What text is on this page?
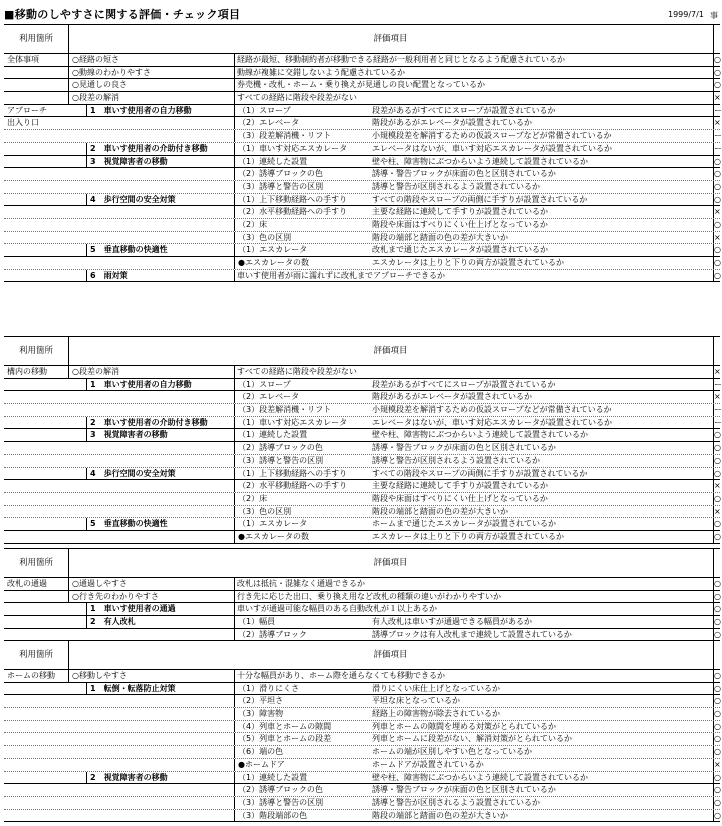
■移動のしやすさに関する評価・チェック項目	1999/7/1 事
利用箇所	評価項目
全体事項	○経路の短さ	経路が最短、移動制約者が移動できる経路が一般利用者と同じとなるよう配慮されているか	○
○動線のわかりやすさ	動線が複雑に交錯しないよう配慮されているか	○
○見通しの良さ	券売機・改札・ホーム・乗り換えが見通しの良い配置となっているか	○
○段差の解消	すべての経路に階段や段差がない	×
アプローチ	1　車いす使用者の自力移動	（1）スロープ	段差があるがすべてにスロープが設置されているか	ー
出入り口	（2）エレベータ	階段があるがエレベータが設置されているか	×
（3）段差解消機・リフト	小規模段差を解消するための仮設スロープなどが常備されているか	ー
2　車いす使用者の介助付き移動	（1）車いす対応エスカレータ	エレベータはないが、車いす対応エスカレータが設置されているか	ー
3　視覚障害者の移動	（1）連続した設置	壁や柱、障害物にぶつからいよう連続して設置されているか	○
（2）誘導ブロックの色	誘導・警告ブロックが床面の色と区別されているか	○
（3）誘導と警告の区別	誘導と警告が区別されるよう設置されているか	○
4　歩行空間の安全対策	（1）上下移動経路への手すり	すべての階段やスロープの両側に手すりが設置されているか	○
（2）水平移動経路への手すり	主要な経路に連続して手すりが設置されているか	×
（2）床	階段や床面はすべりにくい仕上げとなっているか	○
（3）色の区別	階段の端部と踏面の色の差が大きいか	×
5　垂直移動の快適性	（1）エスカレータ	改札まで通じたエスカレータが設置されているか	○
●エスカレータの数	エスカレータは上りと下りの両方が設置されているか	○
6　雨対策	車いす使用者が雨に濡れずに改札までアプローチできるか	○
利用箇所	評価項目
構内の移動	○段差の解消	すべての経路に階段や段差がない	×
1　車いす使用者の自力移動	（1）スロープ	段差があるがすべてにスロープが設置されているか	ー
（2）エレベータ	階段があるがエレベータが設置されているか	×
（3）段差解消機・リフト	小規模段差を解消するための仮設スロープなどが常備されているか	ー
2　車いす使用者の介助付き移動	（1）車いす対応エスカレータ	エレベータはないが、車いす対応エスカレータが設置されているか	ー
3　視覚障害者の移動	（1）連続した設置	壁や柱、障害物にぶつからいよう連続して設置されているか	○
（2）誘導ブロックの色	誘導・警告ブロックが床面の色と区別されているか	○
（3）誘導と警告の区別	誘導と警告が区別されるよう設置されているか	○
4　歩行空間の安全対策	（1）上下移動経路への手すり	すべての階段やスロープの両側に手すりが設置されているか	○
（2）水平移動経路への手すり	主要な経路に連続して手すりが設置されているか	×
（2）床	階段や床面はすべりにくい仕上げとなっているか	○
（3）色の区別	階段の端部と踏面の色の差が大きいか	×
5　垂直移動の快適性	（1）エスカレータ	ホームまで通じたエスカレータが設置されているか	○
●エスカレータの数	エスカレータは上りと下りの両方が設置されているか	○
利用箇所	評価項目
改札の通過	○通過しやすさ	改札は抵抗・混雑なく通過できるか	○
○行き先のわかりやすさ	行き先に応じた出口、乗り換え用など改札の種類の違いがわかりやすいか	○
1　車いす使用者の通過	車いすが通過可能な幅員のある自動改札が１以上あるか	○
2　有人改札	（1）幅員	有人改札は車いすが通過できる幅員があるか	○
（2）誘導ブロック	誘導ブロックは有人改札まで連続して設置されているか	○
利用箇所	評価項目
ホームの移動	○移動しやすさ	十分な幅員があり、ホーム際を通らなくても移動できるか	○
1　転倒・転落防止対策	（1）滑りにくさ	滑りにくい床仕上げとなっているか	○
（2）平坦さ	平坦な床となっているか	○
（3）障害物	経路上の障害物が除去されているか	○
（4）列車とホームの隙間	列車とホームの隙間を埋める対策がとられているか	○
（5）列車とホームの段差	列車とホームに段差がない、解消対策がとられているか	○
（6）端の色	ホームの端が区別しやすい色となっているか	○
●ホームドア	ホームドアが設置されているか	×
2　視覚障害者の移動	（1）連続した設置	壁や柱、障害物にぶつからいよう連続して設置されているか	○
（2）誘導ブロックの色	誘導・警告ブロックが床面の色と区別されているか	○
（3）誘導と警告の区別	誘導と警告が区別されるよう設置されているか	○
（3）階段端部の色	階段の端部と踏面の色の差が大きいか	○
